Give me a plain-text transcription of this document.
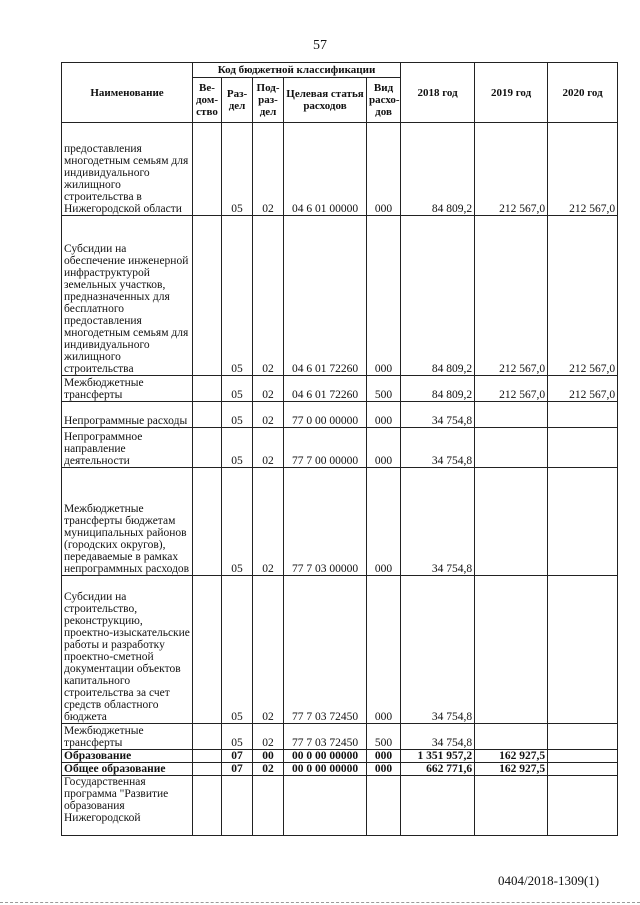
57
Наименование	Код бюджетной классификации					2018 год	2019 год	2020 год
	Ве-дом-ство	Раз-дел	Под-раз-дел	Целевая статья расходов	Вид расхо-дов			
предоставления многодетным семьям для индивидуального жилищного строительства в Нижегородской области		05	02	04 6 01 00000	000	84 809,2	212 567,0	212 567,0
Субсидии на обеспечение инженерной инфраструктурой земельных участков, предназначенных для бесплатного предоставления многодетным семьям для индивидуального жилищного строительства		05	02	04 6 01 72260	000	84 809,2	212 567,0	212 567,0
Межбюджетные трансферты		05	02	04 6 01 72260	500	84 809,2	212 567,0	212 567,0
Непрограммные расходы		05	02	77 0 00 00000	000	34 754,8		
Непрограммное направление деятельности		05	02	77 7 00 00000	000	34 754,8		
Межбюджетные трансферты бюджетам муниципальных районов (городских округов), передаваемые в рамках непрограммных расходов		05	02	77 7 03 00000	000	34 754,8		
Субсидии на строительство, реконструкцию, проектно-изыскательские работы и разработку проектно-сметной документации объектов капитального строительства за счет средств областного бюджета		05	02	77 7 03 72450	000	34 754,8		
Межбюджетные трансферты		05	02	77 7 03 72450	500	34 754,8		
Образование		07	00	00 0 00 00000	000	1 351 957,2	162 927,5	
Общее образование		07	02	00 0 00 00000	000	662 771,6	162 927,5	
Государственная программа "Развитие образования Нижегородской								
0404/2018-1309(1)
